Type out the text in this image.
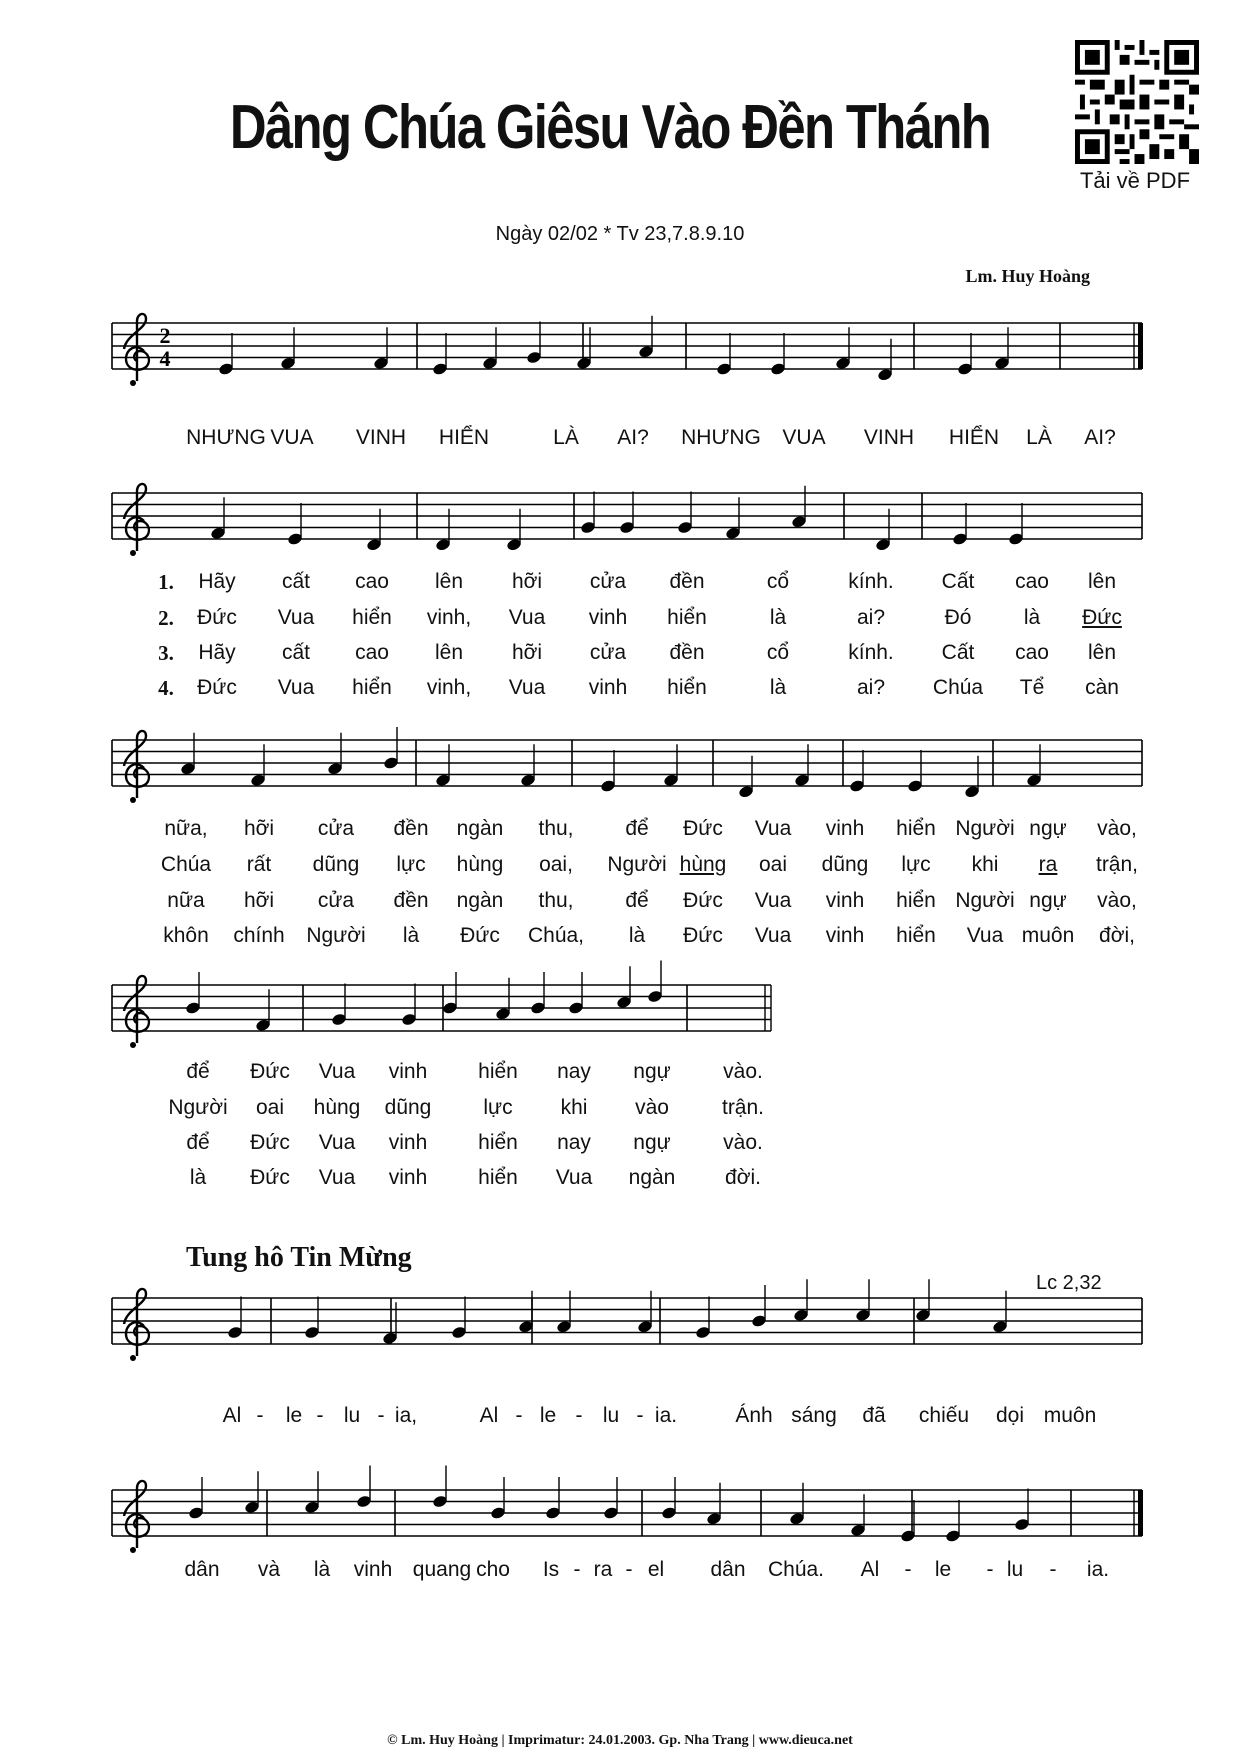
Dâng Chúa Giêsu Vào Đền Thánh
Tải về PDF
Ngày 02/02 * Tv 23,7.8.9.10
Lm. Huy Hoàng
2
4
NHƯNG VUA VINH HIỂN	LÀ AI? NHƯNG VUA VINH HIỂN LÀ AI?
1. Hãy cất cao lên hỡi cửa đền	cổ	kính. Cất cao lên
nữa, hỡi cửa đền ngàn thu, để Đức Vua vinh hiển Người ngự vào,
để Đức Vua vinh hiển nay ngự vào.
2. Đức Vua hiển vinh, Vua vinh hiển	là	ai?	Đó là Đức
Chúa rất dũng lực hùng oai, Người hùng oai dũng lực khi ra trận,
Người oai hùng dũng lực khi vào	trận.
3. Hãy cất cao lên hỡi cửa đền	cổ	kính. Cất cao lên
nữa hỡi cửa đền ngàn thu, để Đức Vua vinh hiển Người ngự vào,
để Đức Vua vinh hiển nay ngự vào.
4. Đức Vua hiển vinh, Vua vinh hiển	là	ai? Chúa Tể càn
khôn chính Người là Đức Chúa, là Đức Vua vinh hiển Vua muôn đời,
là Đức Vua vinh hiển Vua ngàn đời.
Al - le - lu - ia,	Al - le - lu - ia.	Ánh sáng đã chiếu dọi muôn
dân và là vinh quang cho Is - ra - el dân Chúa. Al - le - lu - ia.
Tung hô Tin Mừng
Lc 2,32
© Lm. Huy Hoàng | Imprimatur: 24.01.2003. Gp. Nha Trang | www.dieuca.net
